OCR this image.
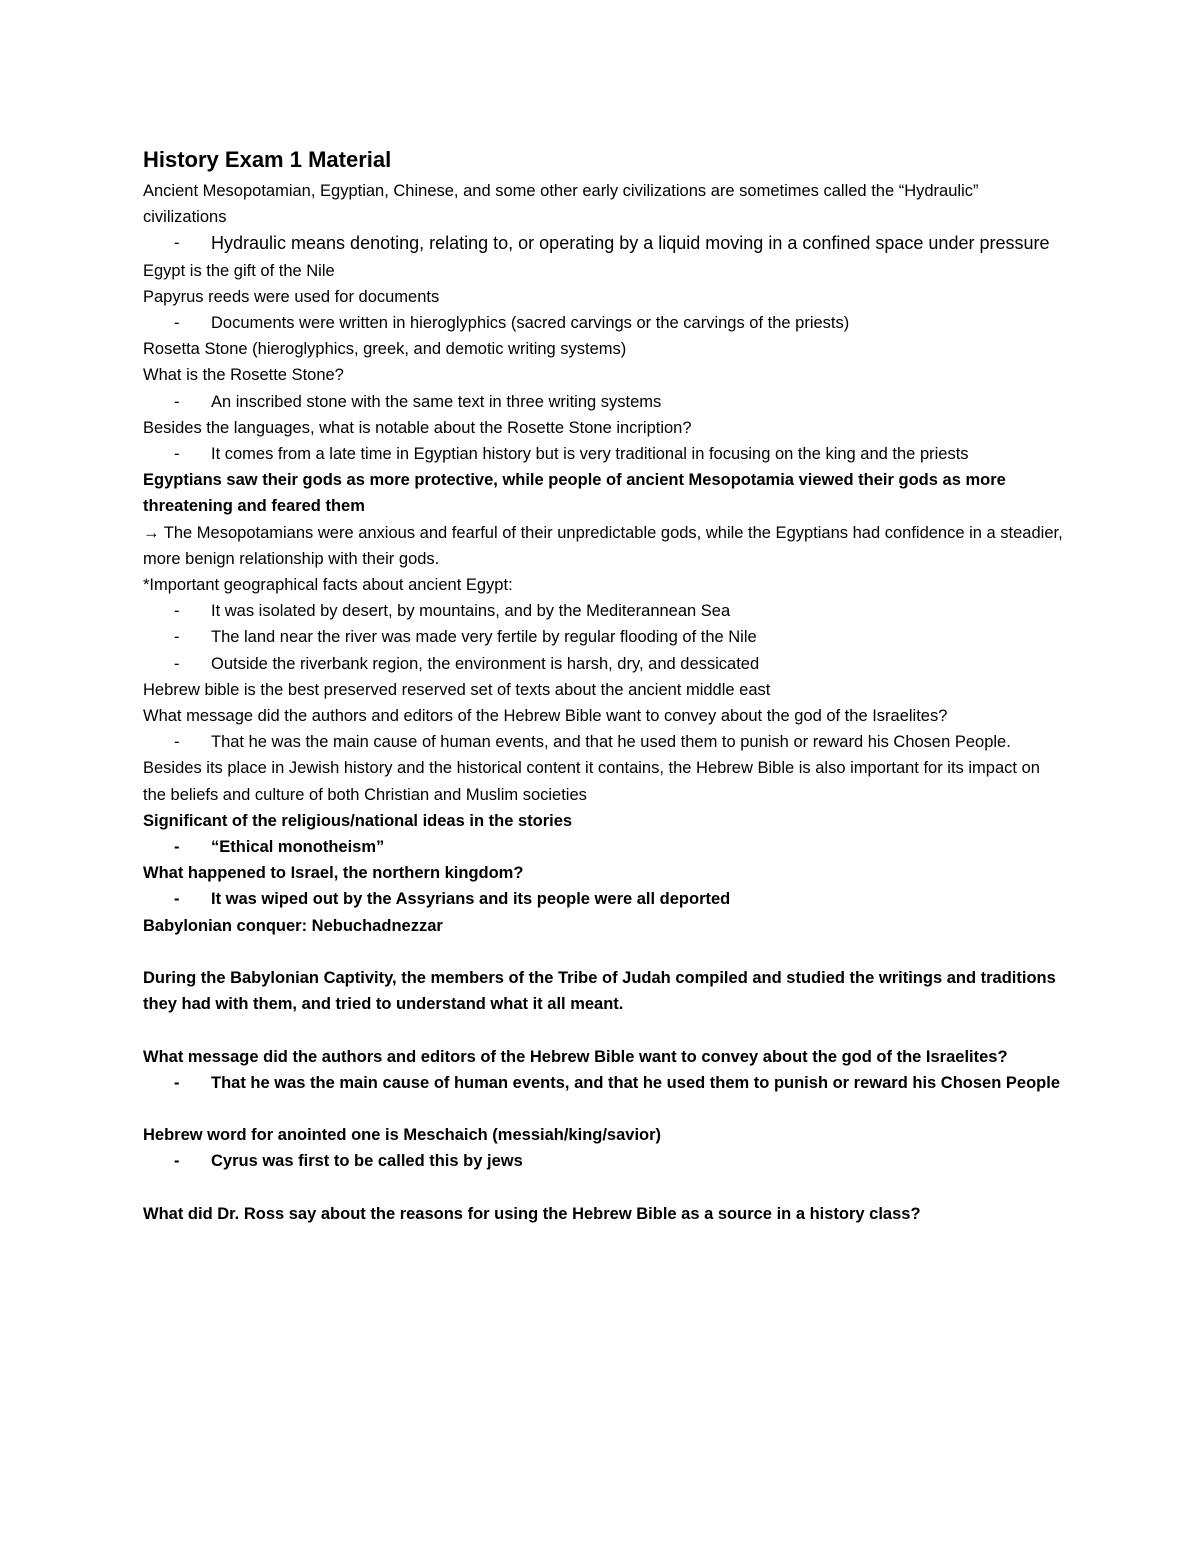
History Exam 1 Material
Ancient Mesopotamian, Egyptian, Chinese, and some other early civilizations are sometimes called the “Hydraulic” civilizations
- Hydraulic means denoting, relating to, or operating by a liquid moving in a confined space under pressure
Egypt is the gift of the Nile
Papyrus reeds were used for documents
- Documents were written in hieroglyphics (sacred carvings or the carvings of the priests)
Rosetta Stone (hieroglyphics, greek, and demotic writing systems)
What is the Rosette Stone?
- An inscribed stone with the same text in three writing systems
Besides the languages, what is notable about the Rosette Stone incription?
- It comes from a late time in Egyptian history but is very traditional in focusing on the king and the priests
Egyptians saw their gods as more protective, while people of ancient Mesopotamia viewed their gods as more threatening and feared them
→ The Mesopotamians were anxious and fearful of their unpredictable gods, while the Egyptians had confidence in a steadier, more benign relationship with their gods.
*Important geographical facts about ancient Egypt:
- It was isolated by desert, by mountains, and by the Mediterannean Sea
- The land near the river was made very fertile by regular flooding of the Nile
- Outside the riverbank region, the environment is harsh, dry, and dessicated
Hebrew bible is the best preserved reserved set of texts about the ancient middle east
What message did the authors and editors of the Hebrew Bible want to convey about the god of the Israelites?
- That he was the main cause of human events, and that he used them to punish or reward his Chosen People.
Besides its place in Jewish history and the historical content it contains, the Hebrew Bible is also important for its impact on the beliefs and culture of both Christian and Muslim societies
Significant of the religious/national ideas in the stories
- “Ethical monotheism”
What happened to Israel, the northern kingdom?
- It was wiped out by the Assyrians and its people were all deported
Babylonian conquer: Nebuchadnezzar
During the Babylonian Captivity, the members of the Tribe of Judah compiled and studied the writings and traditions they had with them, and tried to understand what it all meant.
What message did the authors and editors of the Hebrew Bible want to convey about the god of the Israelites?
- That he was the main cause of human events, and that he used them to punish or reward his Chosen People
Hebrew word for anointed one is Meschaich (messiah/king/savior)
- Cyrus was first to be called this by jews
What did Dr. Ross say about the reasons for using the Hebrew Bible as a source in a history class?
